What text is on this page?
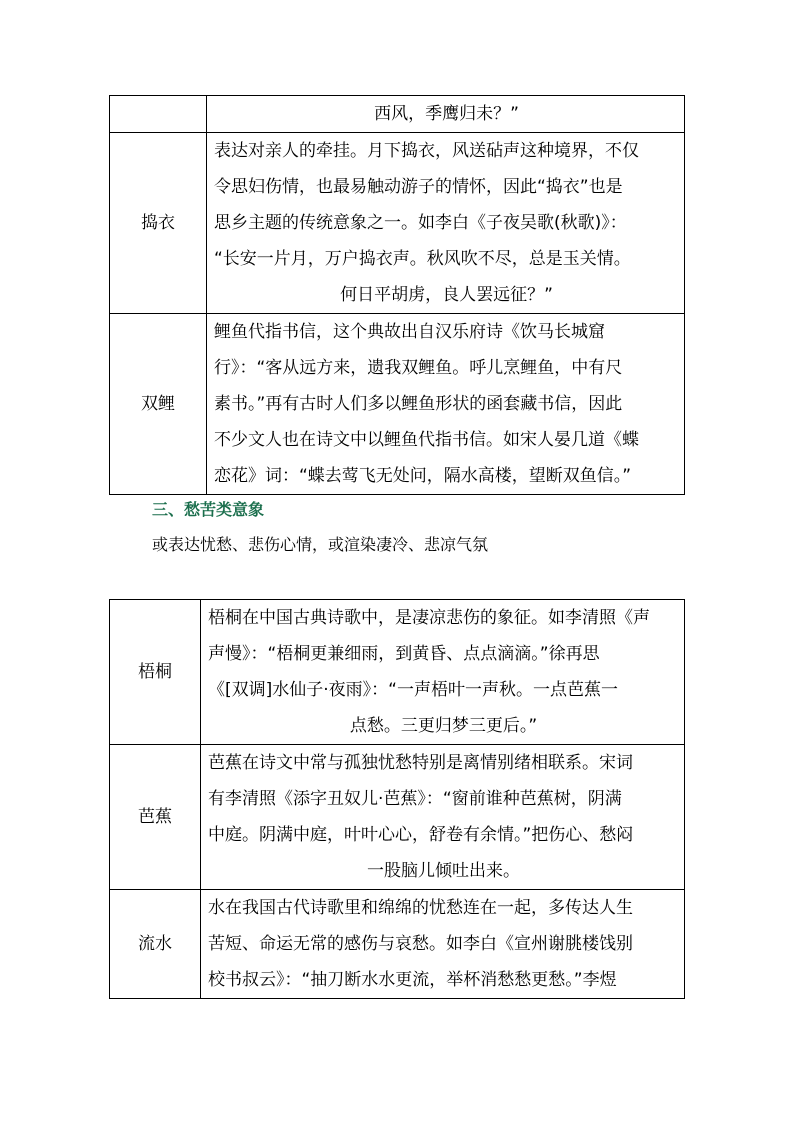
	西风，季鹰归未？”

捣衣	表达对亲人的牵挂。月下捣衣，风送砧声这种境界，不仅

令思妇伤情，也最易触动游子的情怀，因此“捣衣”也是

思乡主题的传统意象之一。如李白《子夜吴歌(秋歌)》：

“长安一片月，万户捣衣声。秋风吹不尽，总是玉关情。

何日平胡虏，良人罢远征？”

双鲤	鲤鱼代指书信，这个典故出自汉乐府诗《饮马长城窟

行》：“客从远方来，遗我双鲤鱼。呼儿烹鲤鱼，中有尺

素书。”再有古时人们多以鲤鱼形状的函套藏书信，因此

不少文人也在诗文中以鲤鱼代指书信。如宋人晏几道《蝶

恋花》词：“蝶去莺飞无处问，隔水高楼，望断双鱼信。”

三、愁苦类意象
或表达忧愁、悲伤心情，或渲染凄冷、悲凉气氛
梧桐	梧桐在中国古典诗歌中，是凄凉悲伤的象征。如李清照《声

声慢》：“梧桐更兼细雨，到黄昏、点点滴滴。”徐再思

《[双调]水仙子·夜雨》：“一声梧叶一声秋。一点芭蕉一

点愁。三更归梦三更后。”

芭蕉	芭蕉在诗文中常与孤独忧愁特别是离情别绪相联系。宋词

有李清照《添字丑奴儿·芭蕉》：“窗前谁种芭蕉树，阴满

中庭。阴满中庭，叶叶心心，舒卷有余情。”把伤心、愁闷

一股脑儿倾吐出来。

流水	水在我国古代诗歌里和绵绵的忧愁连在一起，多传达人生

苦短、命运无常的感伤与哀愁。如李白《宣州谢朓楼饯别

校书叔云》：“抽刀断水水更流，举杯消愁愁更愁。”李煜
